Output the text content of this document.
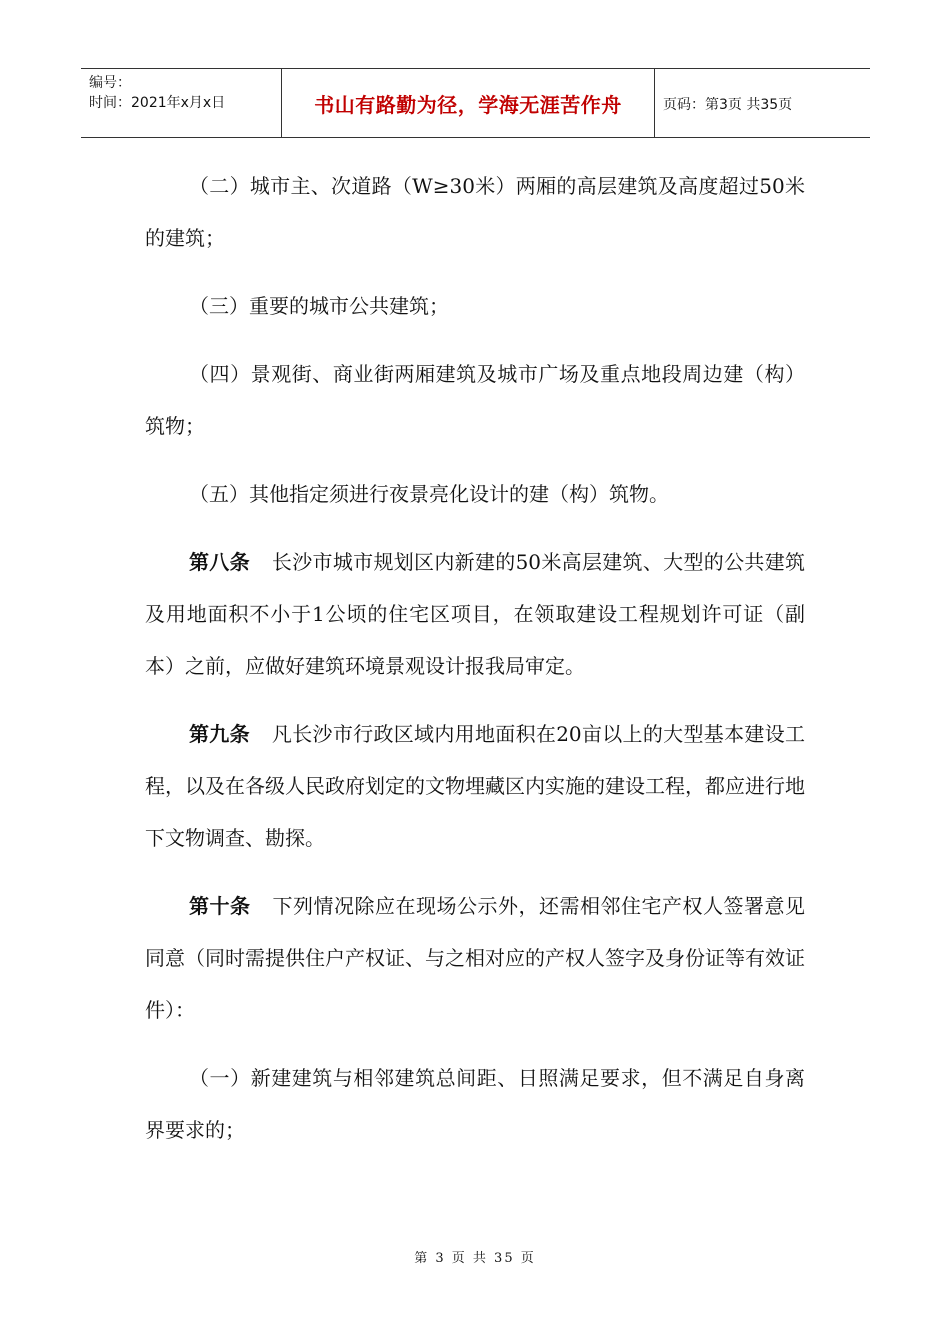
编号：
时间：2021年x月x日	书山有路勤为径，学海无涯苦作舟	页码：第3页 共35页

（二）城市主、次道路（W≥30米）两厢的高层建筑及高度超过50米的建筑；

（三）重要的城市公共建筑；

（四）景观街、商业街两厢建筑及城市广场及重点地段周边建（构）筑物；

（五）其他指定须进行夜景亮化设计的建（构）筑物。

第八条 长沙市城市规划区内新建的50米高层建筑、大型的公共建筑及用地面积不小于1公顷的住宅区项目，在领取建设工程规划许可证（副本）之前，应做好建筑环境景观设计报我局审定。

第九条 凡长沙市行政区域内用地面积在20亩以上的大型基本建设工程，以及在各级人民政府划定的文物埋藏区内实施的建设工程，都应进行地下文物调查、勘探。

第十条 下列情况除应在现场公示外，还需相邻住宅产权人签署意见同意（同时需提供住户产权证、与之相对应的产权人签字及身份证等有效证件）：

（一）新建建筑与相邻建筑总间距、日照满足要求，但不满足自身离界要求的；

第 3 页 共 35 页
